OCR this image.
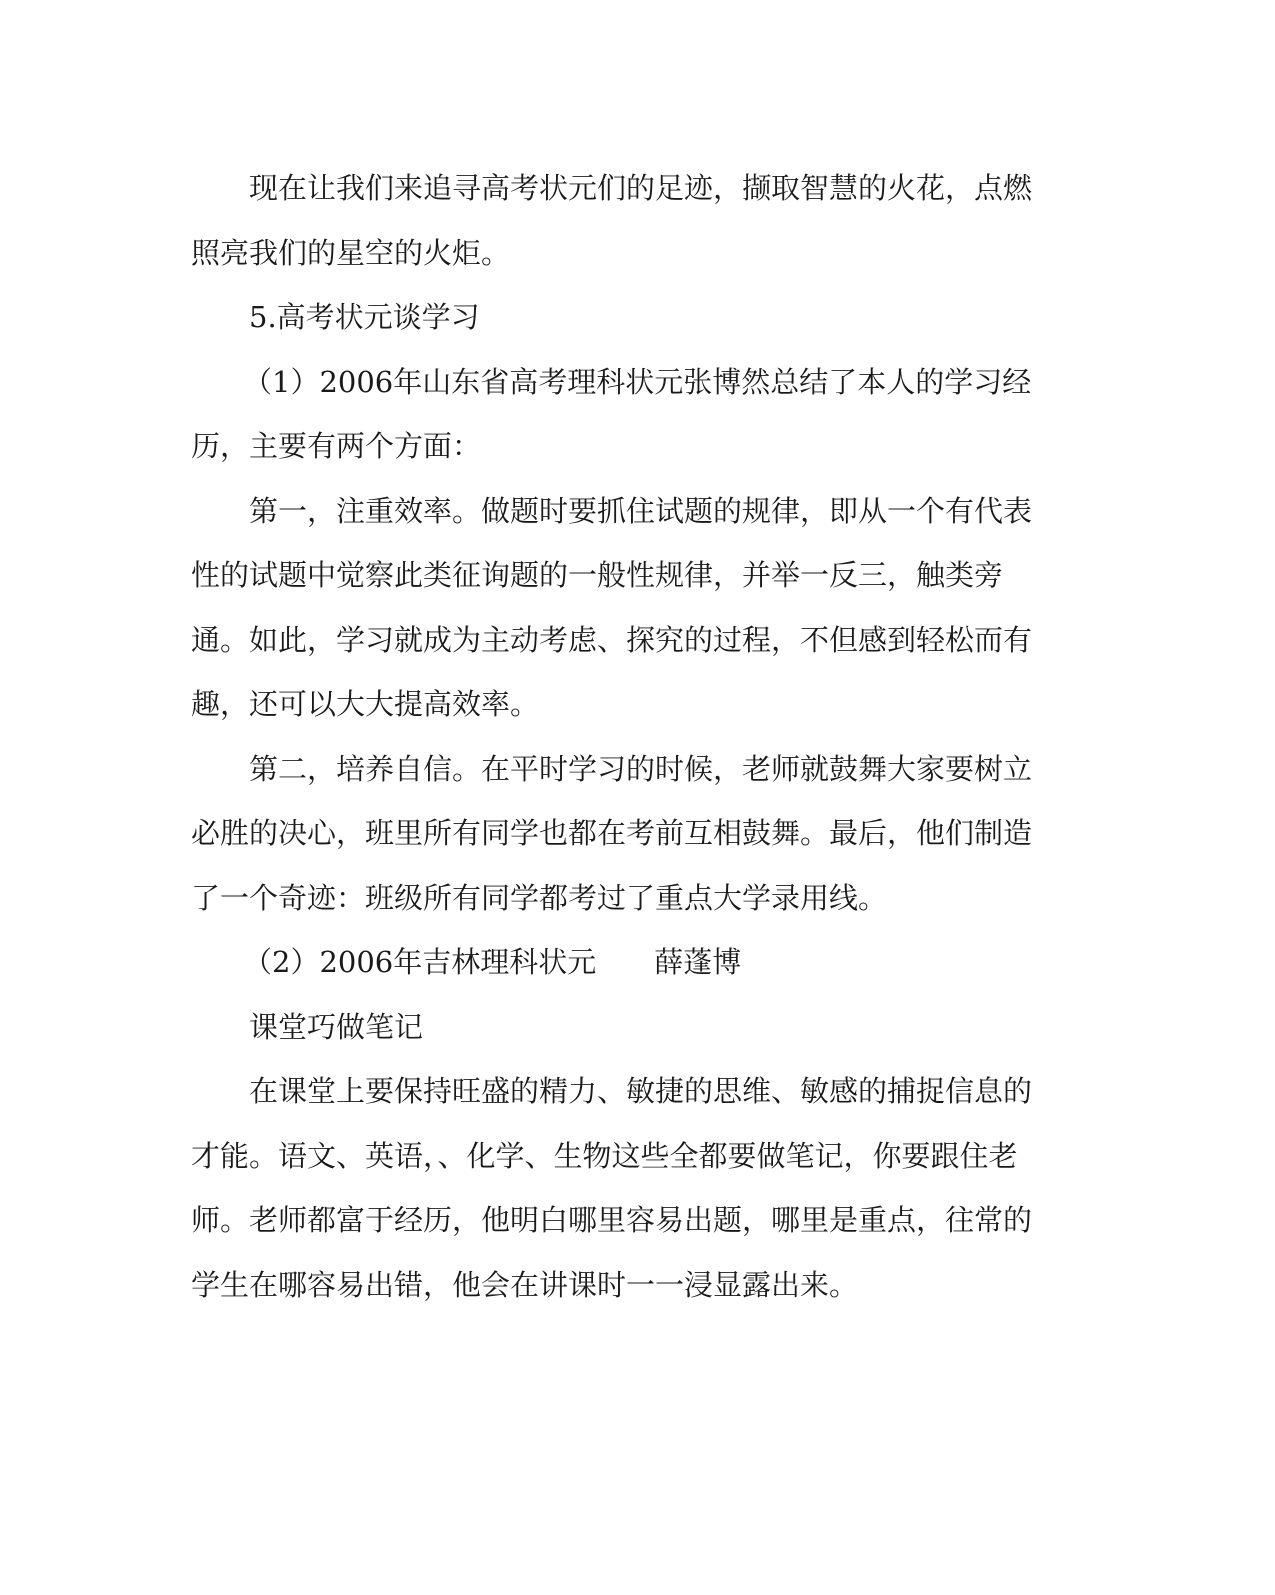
现在让我们来追寻高考状元们的足迹，撷取智慧的火花，点燃照亮我们的星空的火炬。

5.高考状元谈学习

（1）2006年山东省高考理科状元张博然总结了本人的学习经历，主要有两个方面：

第一，注重效率。做题时要抓住试题的规律，即从一个有代表性的试题中觉察此类征询题的一般性规律，并举一反三，触类旁通。如此，学习就成为主动考虑、探究的过程，不但感到轻松而有趣，还可以大大提高效率。

第二，培养自信。在平时学习的时候，老师就鼓舞大家要树立必胜的决心，班里所有同学也都在考前互相鼓舞。最后，他们制造了一个奇迹：班级所有同学都考过了重点大学录用线。

（2）2006年吉林理科状元 薛蓬博

课堂巧做笔记

在课堂上要保持旺盛的精力、敏捷的思维、敏感的捕捉信息的才能。语文、英语，、化学、生物这些全都要做笔记，你要跟住老师。老师都富于经历，他明白哪里容易出题，哪里是重点，往常的学生在哪容易出错，他会在讲课时一一浸显露出来。
